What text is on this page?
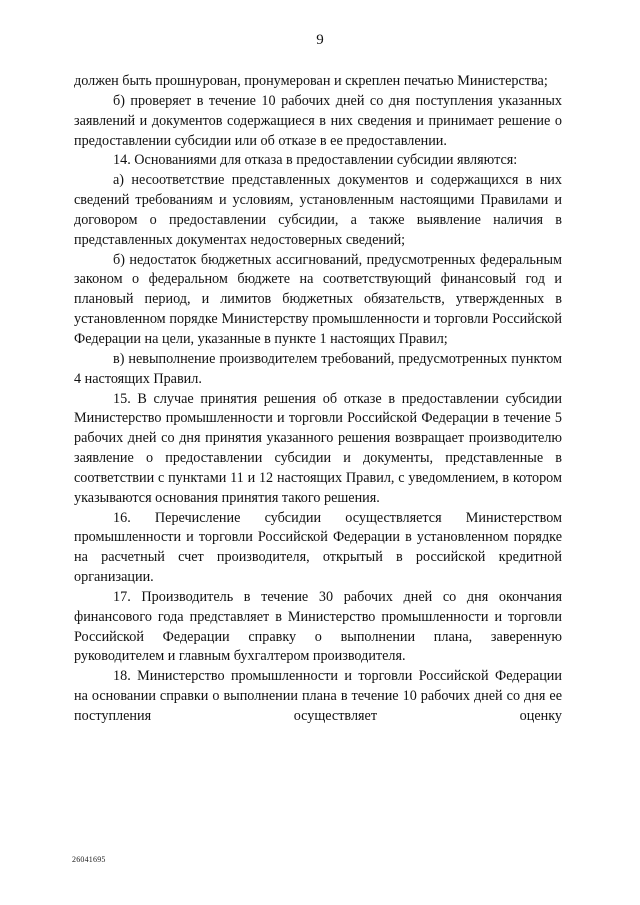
9

должен быть прошнурован, пронумерован и скреплен печатью Министерства;

б) проверяет в течение 10 рабочих дней со дня поступления указанных заявлений и документов содержащиеся в них сведения и принимает решение о предоставлении субсидии или об отказе в ее предоставлении.

14. Основаниями для отказа в предоставлении субсидии являются:

а) несоответствие представленных документов и содержащихся в них сведений требованиям и условиям, установленным настоящими Правилами и договором о предоставлении субсидии, а также выявление наличия в представленных документах недостоверных сведений;

б) недостаток бюджетных ассигнований, предусмотренных федеральным законом о федеральном бюджете на соответствующий финансовый год и плановый период, и лимитов бюджетных обязательств, утвержденных в установленном порядке Министерству промышленности и торговли Российской Федерации на цели, указанные в пункте 1 настоящих Правил;

в) невыполнение производителем требований, предусмотренных пунктом 4 настоящих Правил.

15. В случае принятия решения об отказе в предоставлении субсидии Министерство промышленности и торговли Российской Федерации в течение 5 рабочих дней со дня принятия указанного решения возвращает производителю заявление о предоставлении субсидии и документы, представленные в соответствии с пунктами 11 и 12 настоящих Правил, с уведомлением, в котором указываются основания принятия такого решения.

16. Перечисление субсидии осуществляется Министерством промышленности и торговли Российской Федерации в установленном порядке на расчетный счет производителя, открытый в российской кредитной организации.

17. Производитель в течение 30 рабочих дней со дня окончания финансового года представляет в Министерство промышленности и торговли Российской Федерации справку о выполнении плана, заверенную руководителем и главным бухгалтером производителя.

18. Министерство промышленности и торговли Российской Федерации на основании справки о выполнении плана в течение 10 рабочих дней со дня ее поступления осуществляет оценку

26041695
